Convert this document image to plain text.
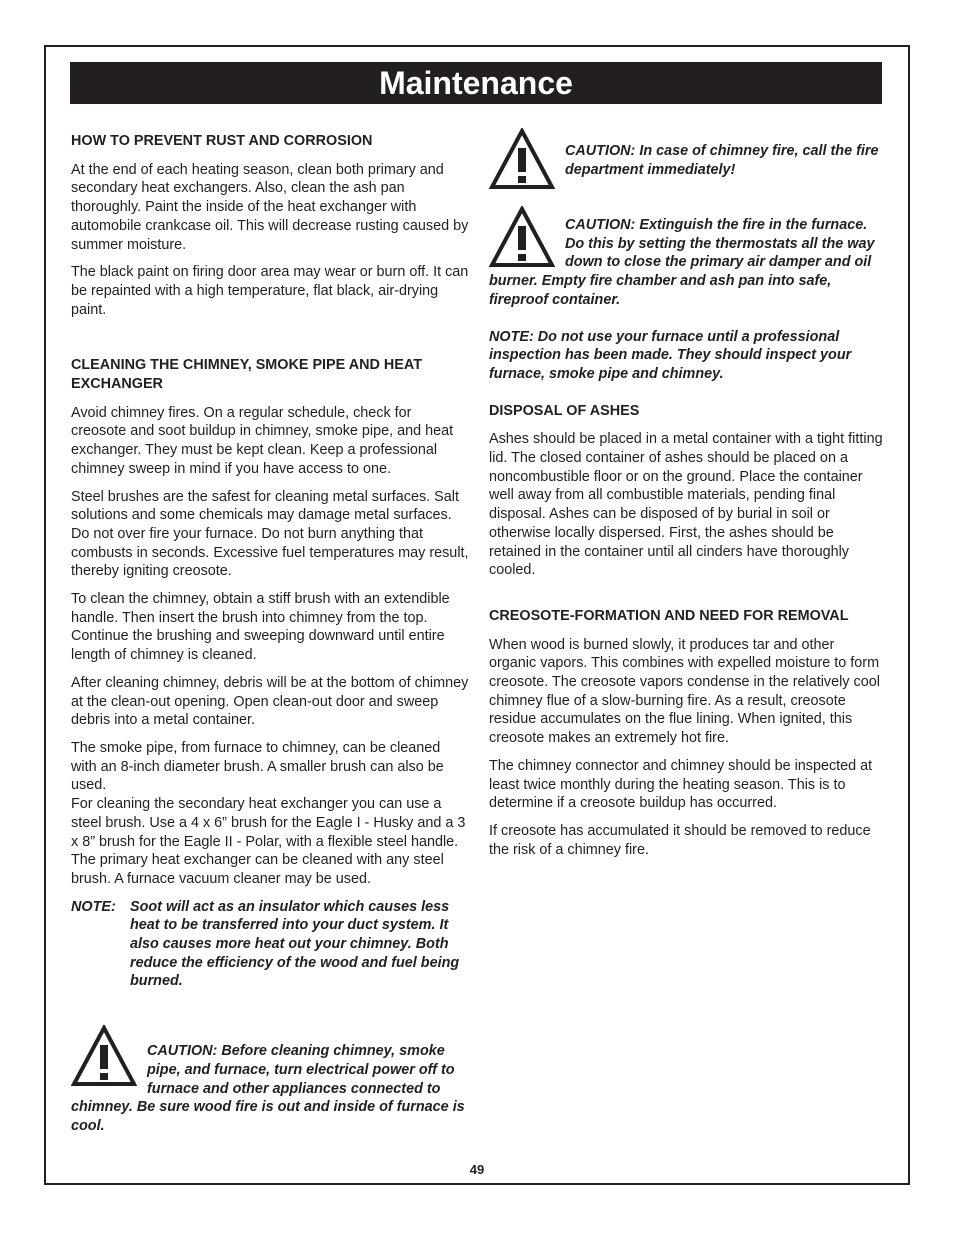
Maintenance
HOW TO PREVENT RUST AND CORROSION

At the end of each heating season, clean both primary and secondary heat exchangers. Also, clean the ash pan thoroughly. Paint the inside of the heat exchanger with automobile crankcase oil. This will decrease rusting caused by summer moisture.

The black paint on firing door area may wear or burn off. It can be repainted with a high temperature, flat black, air-drying paint.

CLEANING THE CHIMNEY, SMOKE PIPE AND HEAT EXCHANGER

Avoid chimney fires. On a regular schedule, check for creosote and soot buildup in chimney, smoke pipe, and heat exchanger. They must be kept clean. Keep a professional chimney sweep in mind if you have access to one.

Steel brushes are the safest for cleaning metal surfaces. Salt solutions and some chemicals may damage metal surfaces. Do not over fire your furnace. Do not burn anything that combusts in seconds. Excessive fuel temperatures may result, thereby igniting creosote.

To clean the chimney, obtain a stiff brush with an extendible handle. Then insert the brush into chimney from the top. Continue the brushing and sweeping downward until entire length of chimney is cleaned.

After cleaning chimney, debris will be at the bottom of chimney at the clean-out opening. Open clean-out door and sweep debris into a metal container.

The smoke pipe, from furnace to chimney, can be cleaned with an 8-inch diameter brush. A smaller brush can also be used.

For cleaning the secondary heat exchanger you can use a steel brush. Use a 4 x 6” brush for the Eagle I - Husky and a 3 x 8” brush for the Eagle II - Polar, with a flexible steel handle. The primary heat exchanger can be cleaned with any steel brush. A furnace vacuum cleaner may be used.

NOTE: Soot will act as an insulator which causes less heat to be transferred into your duct system. It also causes more heat out your chimney. Both reduce the efficiency of the wood and fuel being burned.
CAUTION: Before cleaning chimney, smoke pipe, and furnace, turn electrical power off to furnace and other appliances connected to chimney. Be sure wood fire is out and inside of furnace is cool.
CAUTION: In case of chimney fire, call the fire department immediately!
CAUTION: Extinguish the fire in the furnace. Do this by setting the thermostats all the way down to close the primary air damper and oil burner. Empty fire chamber and ash pan into safe, fireproof container.

NOTE: Do not use your furnace until a professional inspection has been made. They should inspect your furnace, smoke pipe and chimney.

DISPOSAL OF ASHES

Ashes should be placed in a metal container with a tight fitting lid. The closed container of ashes should be placed on a noncombustible floor or on the ground. Place the container well away from all combustible materials, pending final disposal. Ashes can be disposed of by burial in soil or otherwise locally dispersed. First, the ashes should be retained in the container until all cinders have thoroughly cooled.

CREOSOTE-FORMATION AND NEED FOR REMOVAL

When wood is burned slowly, it produces tar and other organic vapors. This combines with expelled moisture to form creosote. The creosote vapors condense in the relatively cool chimney flue of a slow-burning fire. As a result, creosote residue accumulates on the flue lining. When ignited, this creosote makes an extremely hot fire.

The chimney connector and chimney should be inspected at least twice monthly during the heating season. This is to determine if a creosote buildup has occurred.

If creosote has accumulated it should be removed to reduce the risk of a chimney fire.

49
